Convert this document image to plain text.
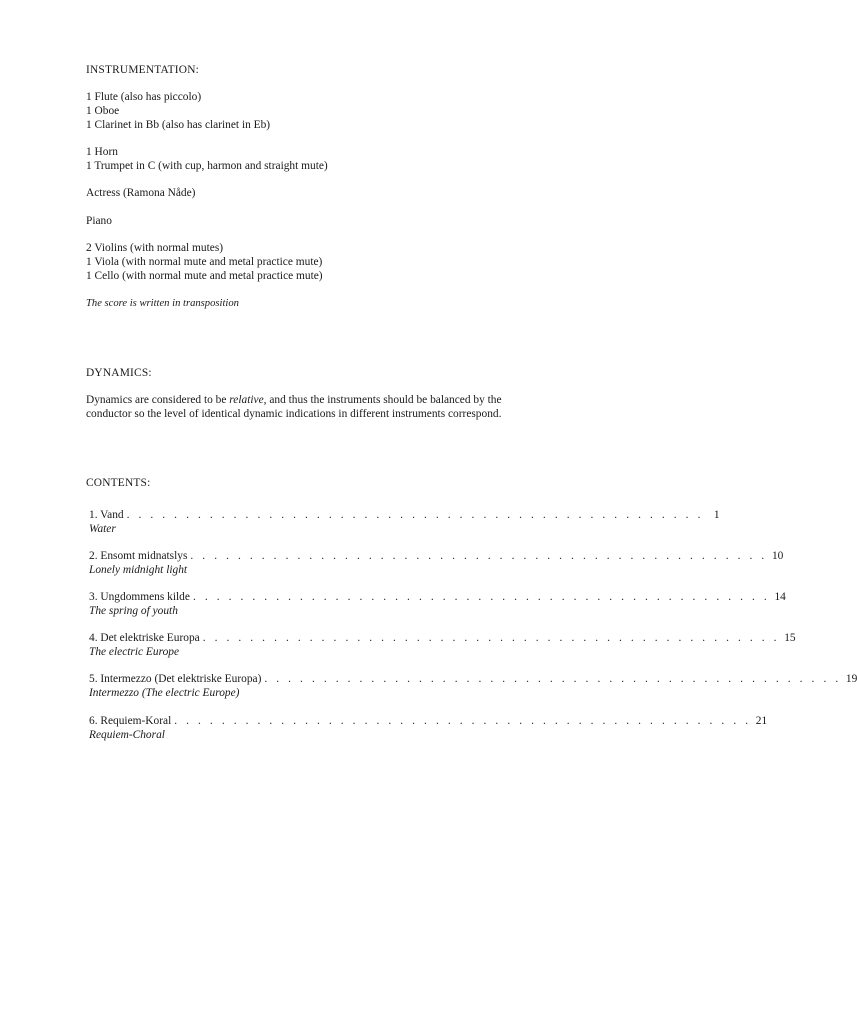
INSTRUMENTATION:
1 Flute (also has piccolo)
1 Oboe
1 Clarinet in Bb (also has clarinet in Eb)
1 Horn
1 Trumpet in C (with cup, harmon and straight mute)
Actress (Ramona Nåde)
Piano
2 Violins (with normal mutes)
1 Viola (with normal mute and metal practice mute)
1 Cello (with normal mute and metal practice mute)
The score is written in transposition
DYNAMICS:
Dynamics are considered to be relative, and thus the instruments should be balanced by the
conductor so the level of identical dynamic indications in different instruments correspond.
CONTENTS:
1. Vand . . . . . . . . . . . . . . . . . . . . . . . . . . . . . . . . . . . . . . . . . . . . . . . . . 1
Water
2. Ensomt midnatslys . . . . . . . . . . . . . . . . . . . . . . . . . . . . . . . . . . . . . . . . . . . . . . . . . 10
Lonely midnight light
3. Ungdommens kilde . . . . . . . . . . . . . . . . . . . . . . . . . . . . . . . . . . . . . . . . . . . . . . . . . 14
The spring of youth
4. Det elektriske Europa . . . . . . . . . . . . . . . . . . . . . . . . . . . . . . . . . . . . . . . . . . . . . . . . . 15
The electric Europe
5. Intermezzo (Det elektriske Europa) . . . . . . . . . . . . . . . . . . . . . . . . . . . . . . . . . . . . . . . . . . . . . . . . . 19
Intermezzo (The electric Europe)
6. Requiem-Koral . . . . . . . . . . . . . . . . . . . . . . . . . . . . . . . . . . . . . . . . . . . . . . . . . 21
Requiem-Choral
